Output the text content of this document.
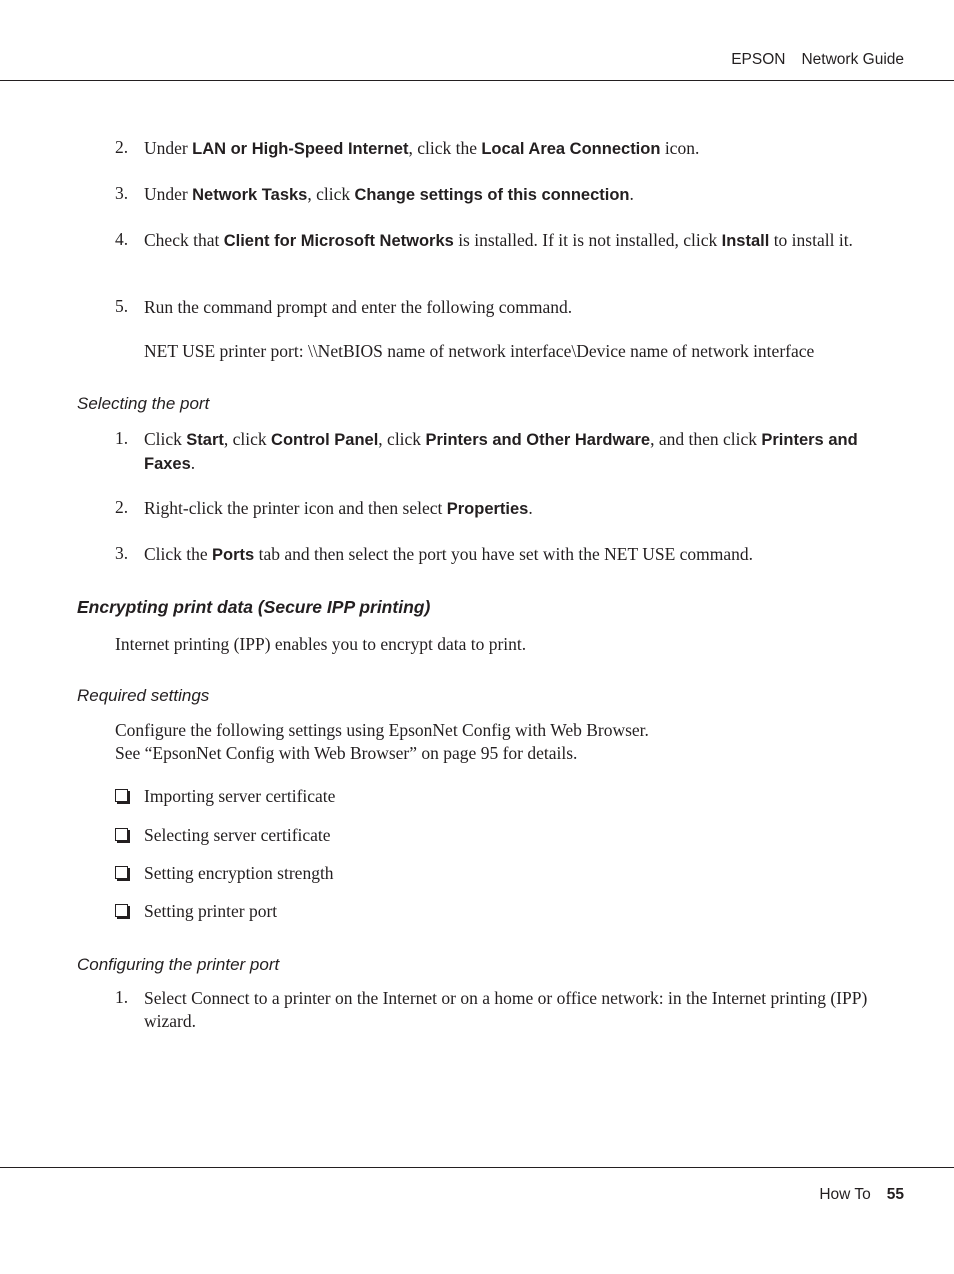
EPSON Network Guide
2. Under LAN or High-Speed Internet, click the Local Area Connection icon.
3. Under Network Tasks, click Change settings of this connection.
4. Check that Client for Microsoft Networks is installed. If it is not installed, click Install to install it.
5. Run the command prompt and enter the following command.
NET USE printer port: \\NetBIOS name of network interface\Device name of network interface
Selecting the port
1. Click Start, click Control Panel, click Printers and Other Hardware, and then click Printers and Faxes.
2. Right-click the printer icon and then select Properties.
3. Click the Ports tab and then select the port you have set with the NET USE command.
Encrypting print data (Secure IPP printing)
Internet printing (IPP) enables you to encrypt data to print.
Required settings
Configure the following settings using EpsonNet Config with Web Browser.
See “EpsonNet Config with Web Browser” on page 95 for details.
Importing server certificate
Selecting server certificate
Setting encryption strength
Setting printer port
Configuring the printer port
1. Select Connect to a printer on the Internet or on a home or office network: in the Internet printing (IPP) wizard.
How To 55
